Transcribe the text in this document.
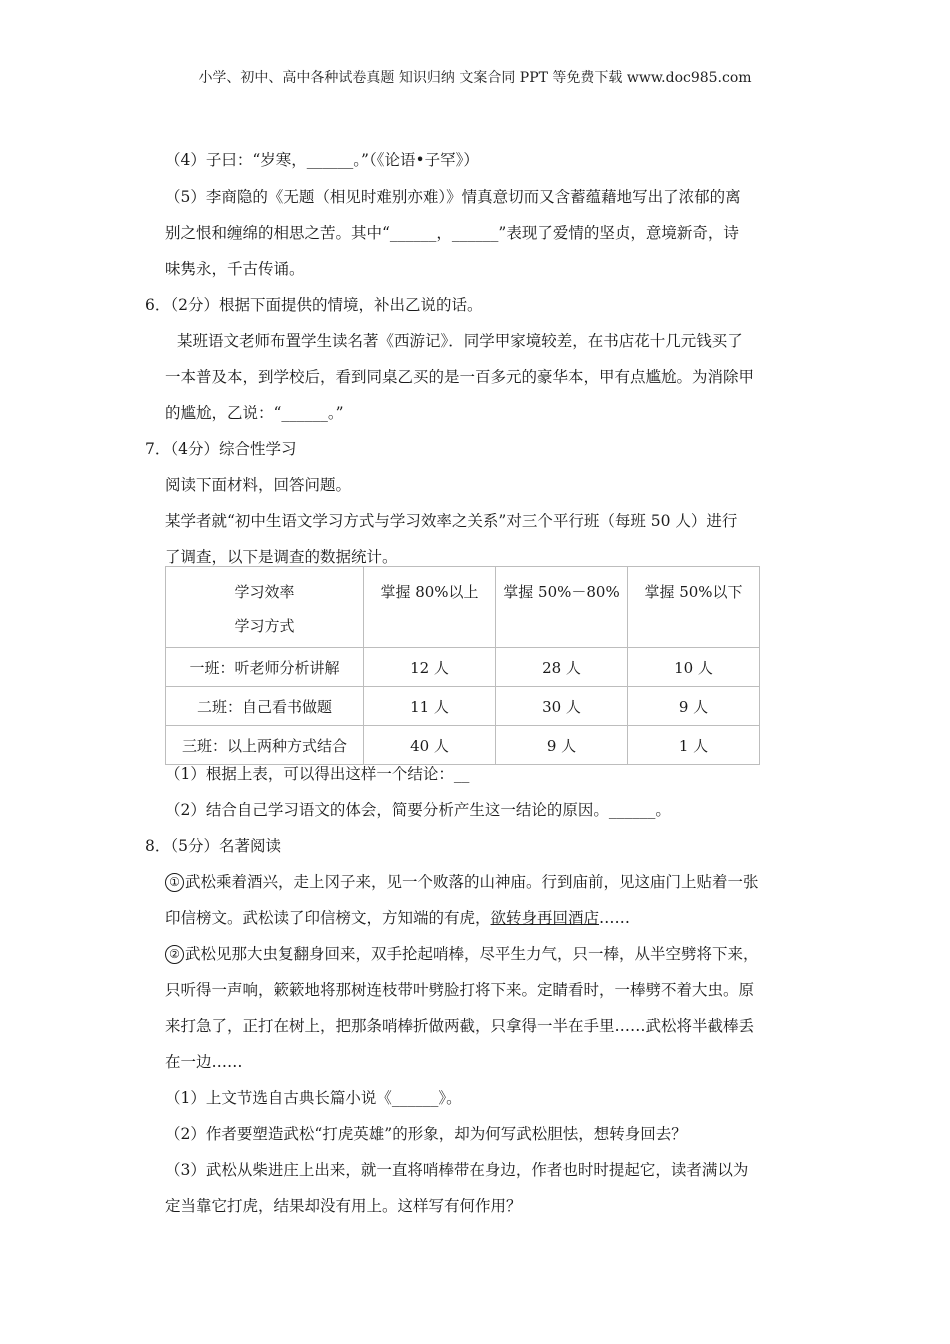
小学、初中、高中各种试卷真题 知识归纳 文案合同 PPT 等免费下载 www.doc985.com
（4）子曰：“岁寒，______。”（《论语•子罕》）
（5）李商隐的《无题（相见时难别亦难）》情真意切而又含蓄蕴藉地写出了浓郁的离
别之恨和缠绵的相思之苦。其中“______，______”表现了爱情的坚贞，意境新奇，诗
味隽永，千古传诵。
6．（2分）根据下面提供的情境，补出乙说的话。
某班语文老师布置学生读名著《西游记》．同学甲家境较差，在书店花十几元钱买了
一本普及本，到学校后，看到同桌乙买的是一百多元的豪华本，甲有点尴尬。为消除甲
的尴尬，乙说：“______。”
7．（4分）综合性学习
阅读下面材料，回答问题。
某学者就“初中生语文学习方式与学习效率之关系”对三个平行班（每班 50 人）进行
了调查，以下是调查的数据统计。
学习效率
学习方式	掌握 80%以上	掌握 50%－80%	掌握 50%以下
一班：听老师分析讲解	12 人	28 人	10 人
二班：自己看书做题	11 人	30 人	9 人
三班：以上两种方式结合	40 人	9 人	1 人
（1）根据上表，可以得出这样一个结论：__
（2）结合自己学习语文的体会，简要分析产生这一结论的原因。______。
8．（5分）名著阅读
① 武松乘着酒兴，走上冈子来，见一个败落的山神庙。行到庙前，见这庙门上贴着一张
印信榜文。武松读了印信榜文，方知端的有虎，欲转身再回酒店……
② 武松见那大虫复翻身回来，双手抡起哨棒，尽平生力气，只一棒，从半空劈将下来，
只听得一声响，簌簌地将那树连枝带叶劈脸打将下来。定睛看时，一棒劈不着大虫。原
来打急了，正打在树上，把那条哨棒折做两截，只拿得一半在手里……武松将半截棒丢
在一边……
（1）上文节选自古典长篇小说《______》。
（2）作者要塑造武松“打虎英雄”的形象，却为何写武松胆怯，想转身回去？
（3）武松从柴进庄上出来，就一直将哨棒带在身边，作者也时时提起它，读者满以为
定当靠它打虎，结果却没有用上。这样写有何作用？
